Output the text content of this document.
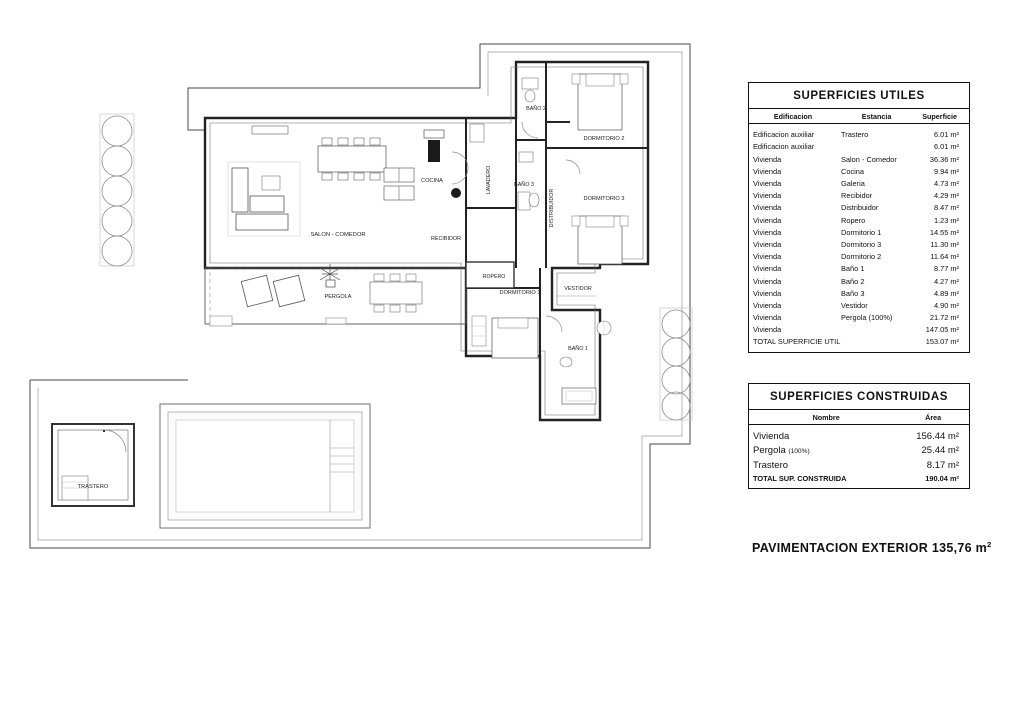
TRASTERO
PERGOLA
SALON - COMEDOR
COCINA	LAVADERO	BAÑO 3
BAÑO 2
DISTRIBUIDOR
DORMITORIO 2
DORMITORIO 3
RECIBIDOR
ROPERO
VESTIDOR
DORMITORIO 1
BAÑO 1
SUPERFICIES UTILES
Edificacion	Estancia	Superficie

Edificacion auxiliar	Trastero	6.01 m²
Edificacion auxiliar		6.01 m²
Vivienda	Salon - Comedor	36.36 m²
Vivienda	Cocina	9.94 m²
Vivienda	Galeria	4.73 m²
Vivienda	Recibidor	4.29 m²
Vivienda	Distribuidor	8.47 m²
Vivienda	Ropero	1.23 m²
Vivienda	Dormitorio 1	14.55 m²
Vivienda	Dormitorio 3	11.30 m²
Vivienda	Dormitorio 2	11.64 m²
Vivienda	Baño 1	8.77 m²
Vivienda	Baño 2	4.27 m²
Vivienda	Baño 3	4.89 m²
Vivienda	Vestidor	4.90 m²
Vivienda	Pergola (100%)	21.72 m²
Vivienda		147.05 m²
TOTAL SUPERFICIE UTIL		153.07 m²

SUPERFICIES CONSTRUIDAS
Nombre	Área

Vivienda	156.44 m²
Pergola (100%)	25.44 m²
Trastero	8.17 m²
TOTAL SUP. CONSTRUIDA	190.04 m²

PAVIMENTACION EXTERIOR 135,76 $m^2$
